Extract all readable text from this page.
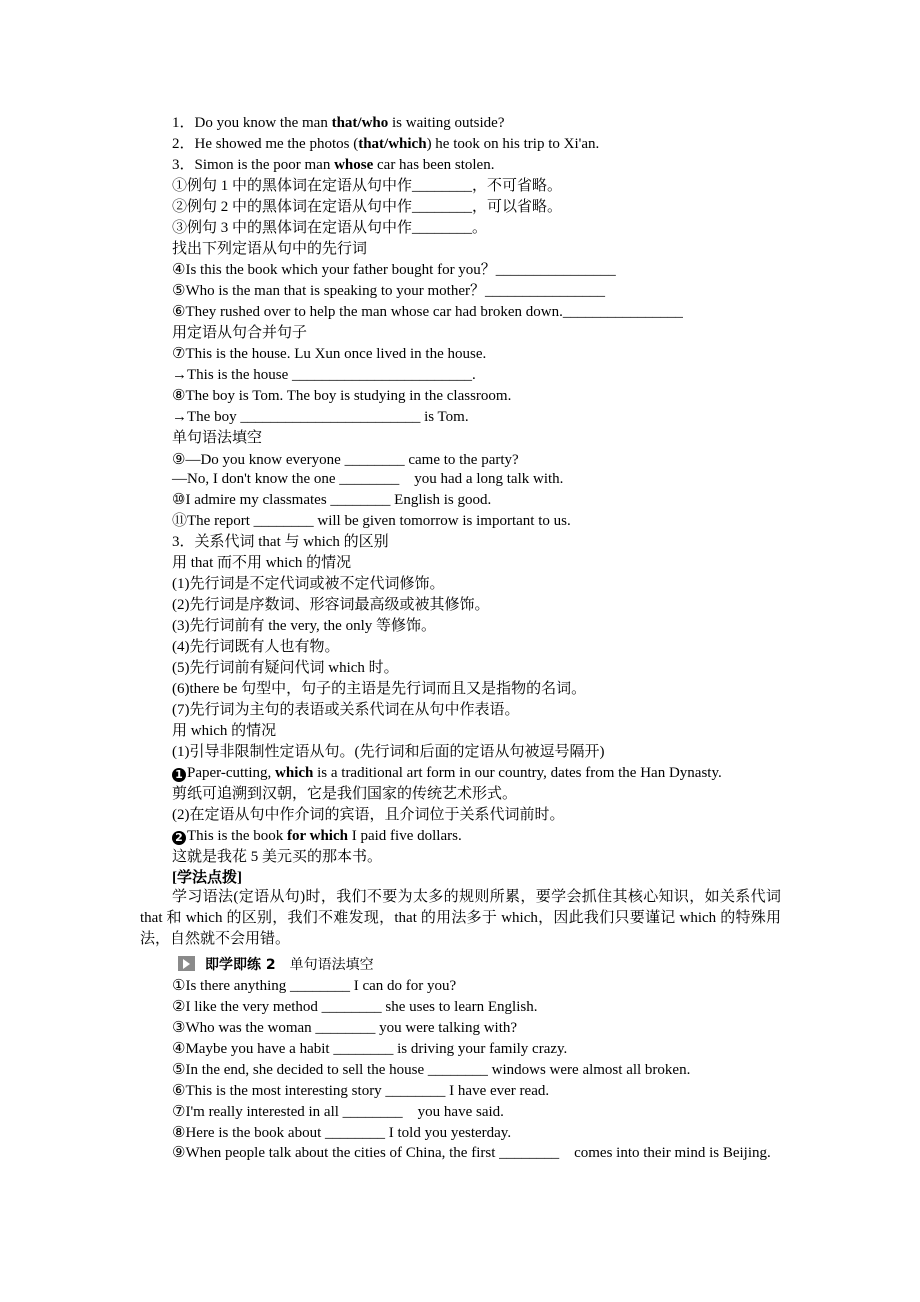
1．Do you know the man that/who is waiting outside?
2．He showed me the photos (that/which) he took on his trip to Xi'an.
3．Simon is the poor man whose car has been stolen.
①例句 1 中的黑体词在定语从句中作________，不可省略。
②例句 2 中的黑体词在定语从句中作________，可以省略。
③例句 3 中的黑体词在定语从句中作________。
找出下列定语从句中的先行词
④Is this the book which your father bought for you？________________
⑤Who is the man that is speaking to your mother？________________
⑥They rushed over to help the man whose car had broken down.________________
用定语从句合并句子
⑦This is the house. Lu Xun once lived in the house.
→This is the house ________________________.
⑧The boy is Tom. The boy is studying in the classroom.
→The boy ________________________ is Tom.
单句语法填空
⑨—Do you know everyone ________ came to the party?
—No, I don't know the one ________　you had a long talk with.
⑩I admire my classmates ________ English is good.
⑪The report ________ will be given tomorrow is important to us.
3．关系代词 that 与 which 的区别
用 that 而不用 which 的情况
(1)先行词是不定代词或被不定代词修饰。
(2)先行词是序数词、形容词最高级或被其修饰。
(3)先行词前有 the very, the only 等修饰。
(4)先行词既有人也有物。
(5)先行词前有疑问代词 which 时。
(6)there be 句型中，句子的主语是先行词而且又是指物的名词。
(7)先行词为主句的表语或关系代词在从句中作表语。
用 which 的情况
(1)引导非限制性定语从句。(先行词和后面的定语从句被逗号隔开)
1 Paper-cutting, which is a traditional art form in our country, dates from the Han Dynasty.
剪纸可追溯到汉朝，它是我们国家的传统艺术形式。
(2)在定语从句中作介词的宾语，且介词位于关系代词前时。
2 This is the book for which I paid five dollars.
这就是我花 5 美元买的那本书。
[学法点拨]

学习语法(定语从句)时，我们不要为太多的规则所累，要学会抓住其核心知识，如关系代词 that 和 which 的区别，我们不难发现，that 的用法多于 which，因此我们只要谨记 which 的特殊用法，自然就不会用错。

即学即练 2 单句语法填空
①Is there anything ________ I can do for you?
②I like the very method ________ she uses to learn English.
③Who was the woman ________ you were talking with?
④Maybe you have a habit ________ is driving your family crazy.
⑤In the end, she decided to sell the house ________ windows were almost all broken.
⑥This is the most interesting story ________ I have ever read.
⑦I'm really interested in all ________　you have said.
⑧Here is the book about ________ I told you yesterday.

⑨When people talk about the cities of China, the first ________　comes into their mind is Beijing.
